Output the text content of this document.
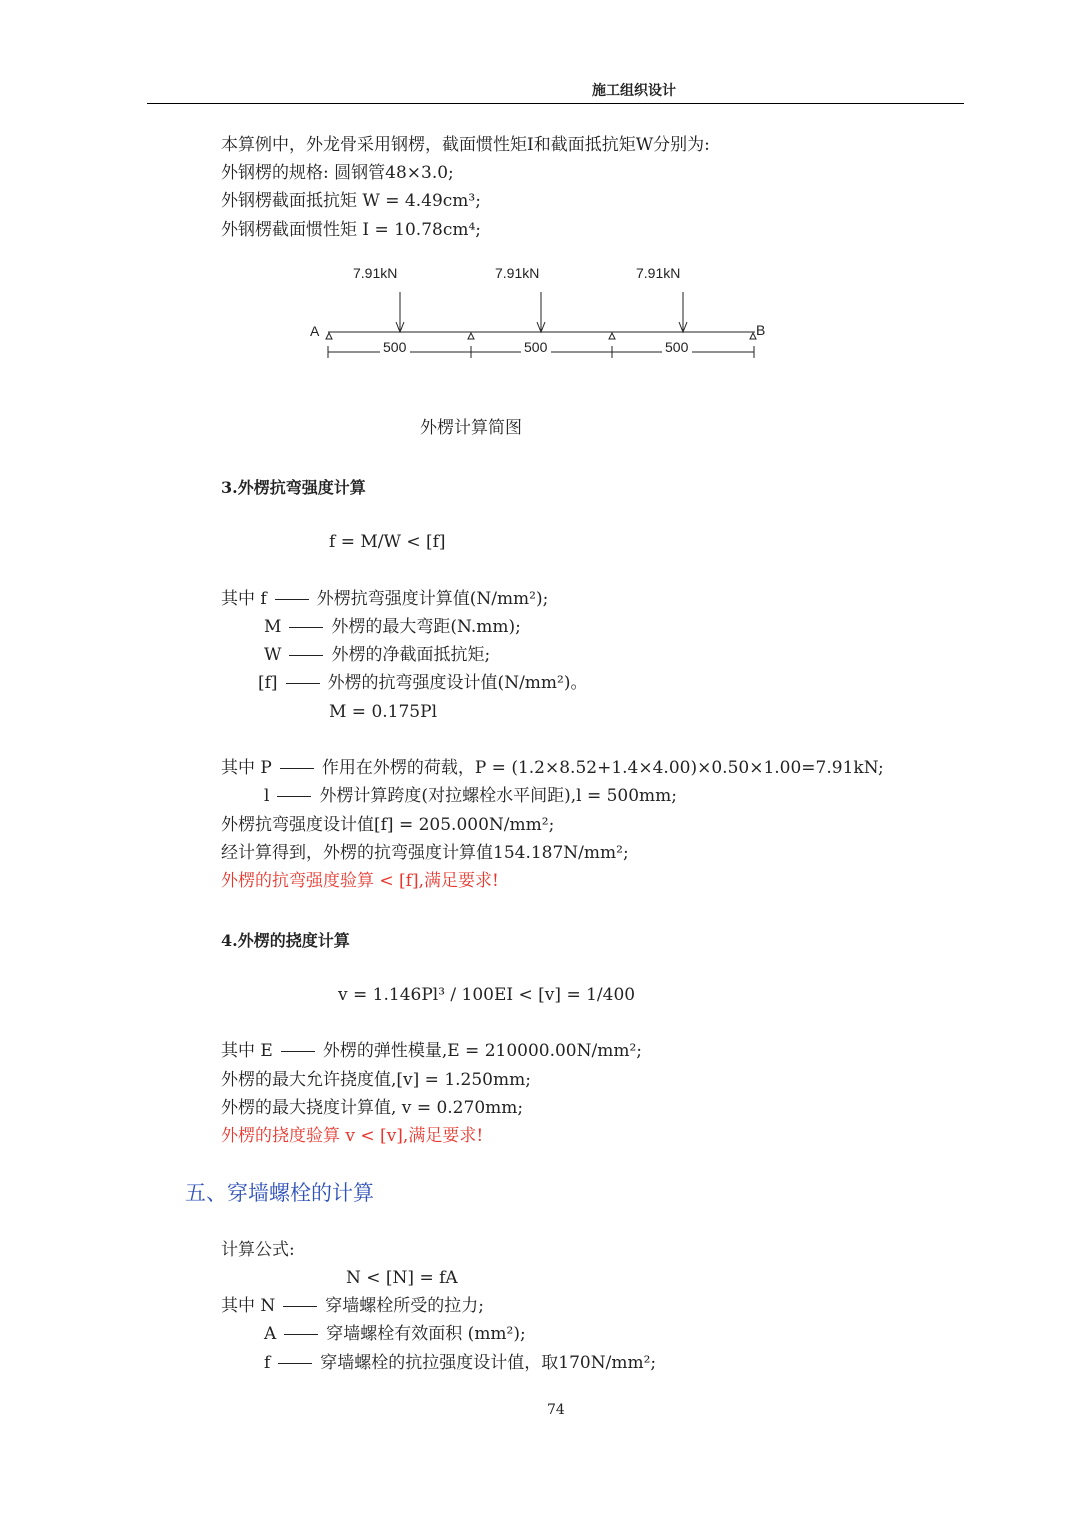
施工组织设计
本算例中，外龙骨采用钢楞，截面惯性矩I和截面抵抗矩W分别为:
外钢楞的规格: 圆钢管48×3.0;
外钢楞截面抵抗矩 W = 4.49cm³;
外钢楞截面惯性矩 I = 10.78cm⁴;
7.91kN	7.91kN	7.91kN
A	B
500	500	500
外楞计算简图
3.外楞抗弯强度计算
f = M/W < [f]
其中 f	外楞抗弯强度计算值(N/mm²);
M	外楞的最大弯距(N.mm);
W	外楞的净截面抵抗矩;
[f]	外楞的抗弯强度设计值(N/mm²)。
M = 0.175Pl
其中 P	作用在外楞的荷载，P = (1.2×8.52+1.4×4.00)×0.50×1.00=7.91kN;
l	外楞计算跨度(对拉螺栓水平间距),l = 500mm;
外楞抗弯强度设计值[f] = 205.000N/mm²;
经计算得到，外楞的抗弯强度计算值154.187N/mm²;
外楞的抗弯强度验算 < [f],满足要求!
4.外楞的挠度计算
v = 1.146Pl³ / 100EI < [v] = 1/400
其中 E	外楞的弹性模量,E = 210000.00N/mm²;
外楞的最大允许挠度值,[v] = 1.250mm;
外楞的最大挠度计算值, v = 0.270mm;
外楞的挠度验算 v < [v],满足要求!
五、穿墙螺栓的计算
计算公式:
N < [N] = fA
其中 N	穿墙螺栓所受的拉力;
A	穿墙螺栓有效面积 (mm²);
f	穿墙螺栓的抗拉强度设计值，取170N/mm²;
74
